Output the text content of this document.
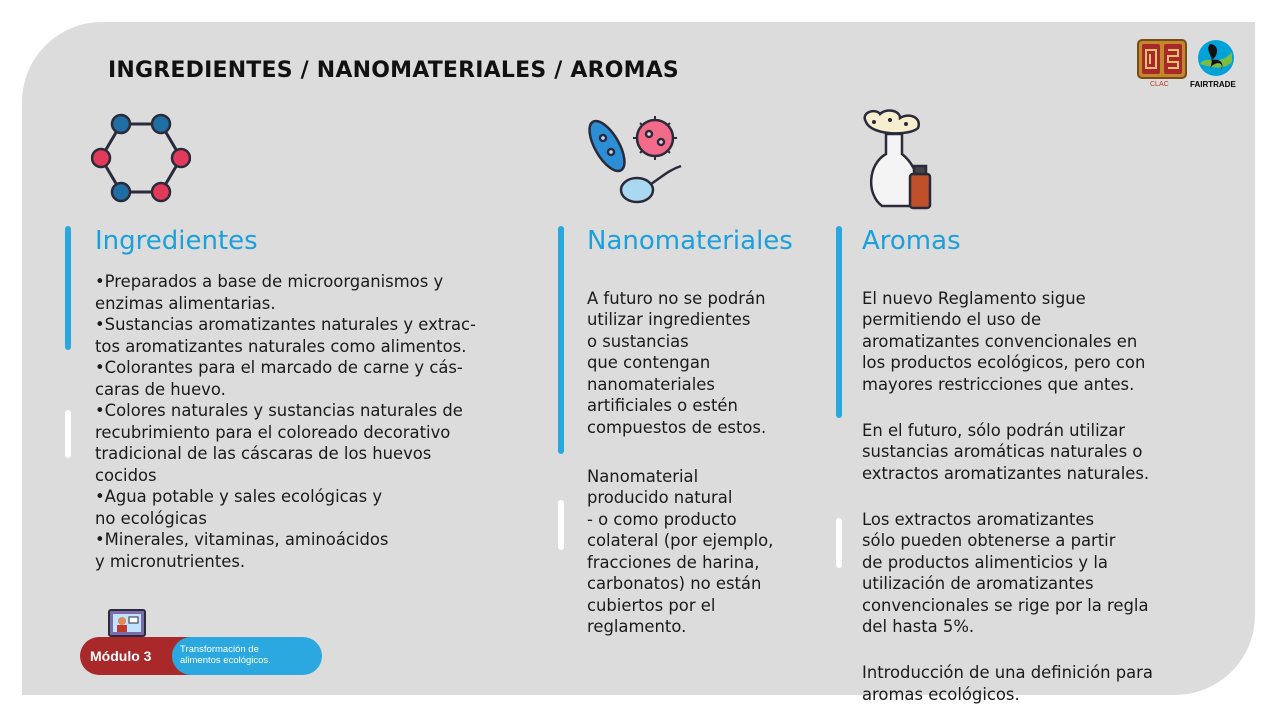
INGREDIENTES / NANOMATERIALES / AROMAS
CLAC	FAIRTRADE
Ingredientes	Nanomateriales	Aromas

•Preparados a base de microorganismos y

enzimas alimentarias.

•Sustancias aromatizantes naturales y extrac-

tos aromatizantes naturales como alimentos.

•Colorantes para el marcado de carne y cás-

caras de huevo.

•Colores naturales y sustancias naturales de

recubrimiento para el coloreado decorativo

tradicional de las cáscaras de los huevos

cocidos

•Agua potable y sales ecológicas y

no ecológicas

•Minerales, vitaminas, aminoácidos

y micronutrientes.

A futuro no se podrán
utilizar ingredientes
o sustancias
que contengan
nanomateriales
artificiales o estén
compuestos de estos.

Nanomaterial
producido natural
- o como producto
colateral (por ejemplo,
fracciones de harina,
carbonatos) no están
cubiertos por el
reglamento.

El nuevo Reglamento sigue
permitiendo el uso de
aromatizantes convencionales en
los productos ecológicos, pero con
mayores restricciones que antes.

En el futuro, sólo podrán utilizar
sustancias aromáticas naturales o
extractos aromatizantes naturales.

Los extractos aromatizantes
sólo pueden obtenerse a partir
de productos alimenticios y la
utilización de aromatizantes
convencionales se rige por la regla
del hasta 5%.

Introducción de una definición para
aromas ecológicos.

Módulo 3	Transformación de
alimentos ecológicos.
